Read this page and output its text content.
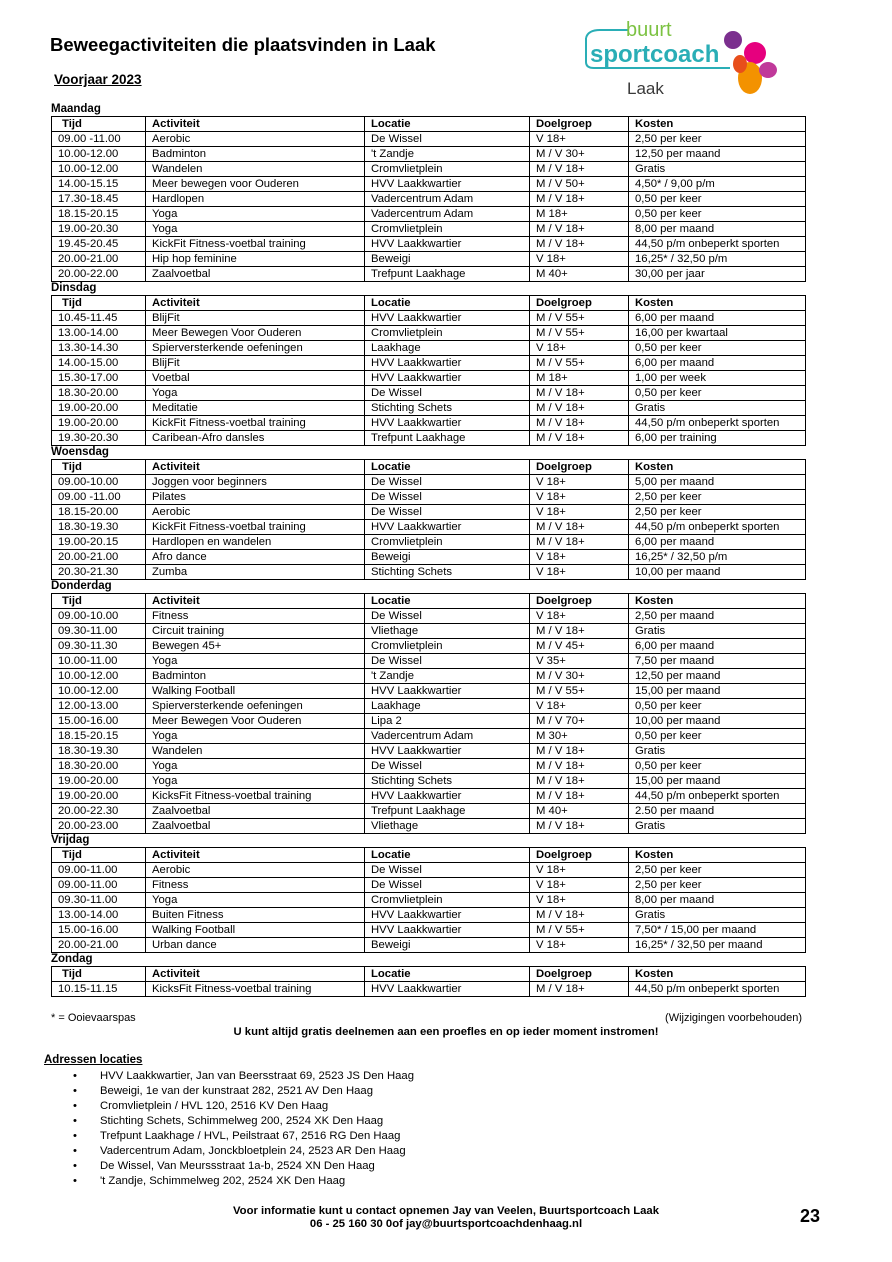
Beweegactiviteiten die plaatsvinden in Laak
Voorjaar 2023
buurt
sportcoach
Laak
Maandag
Tijd	Activiteit	Locatie	Doelgroep	Kosten
09.00 -11.00	Aerobic	De Wissel	V 18+	2,50 per keer
10.00-12.00	Badminton	't Zandje	M / V 30+	12,50 per maand
10.00-12.00	Wandelen	Cromvlietplein	M / V 18+	Gratis
14.00-15.15	Meer bewegen voor Ouderen	HVV Laakkwartier	M / V 50+	4,50* / 9,00 p/m
17.30-18.45	Hardlopen	Vadercentrum Adam	M / V 18+	0,50 per keer
18.15-20.15	Yoga	Vadercentrum Adam	M 18+	0,50 per keer
19.00-20.30	Yoga	Cromvlietplein	M / V 18+	8,00 per maand
19.45-20.45	KickFit Fitness-voetbal training	HVV Laakkwartier	M / V 18+	44,50 p/m onbeperkt sporten
20.00-21.00	Hip hop feminine	Beweigi	V 18+	16,25* / 32,50 p/m
20.00-22.00	Zaalvoetbal	Trefpunt Laakhage	M 40+	30,00 per jaar
Dinsdag
Tijd	Activiteit	Locatie	Doelgroep	Kosten
10.45-11.45	BlijFit	HVV Laakkwartier	M / V 55+	6,00 per maand
13.00-14.00	Meer Bewegen Voor Ouderen	Cromvlietplein	M / V 55+	16,00 per kwartaal
13.30-14.30	Spierversterkende oefeningen	Laakhage	V 18+	0,50 per keer
14.00-15.00	BlijFit	HVV Laakkwartier	M / V 55+	6,00 per maand
15.30-17.00	Voetbal	HVV Laakkwartier	M 18+	1,00 per week
18.30-20.00	Yoga	De Wissel	M / V 18+	0,50 per keer
19.00-20.00	Meditatie	Stichting Schets	M / V 18+	Gratis
19.00-20.00	KickFit Fitness-voetbal training	HVV Laakkwartier	M / V 18+	44,50 p/m onbeperkt sporten
19.30-20.30	Caribean-Afro dansles	Trefpunt Laakhage	M / V 18+	6,00 per training
Woensdag
Tijd	Activiteit	Locatie	Doelgroep	Kosten
09.00-10.00	Joggen voor beginners	De Wissel	V 18+	5,00 per maand
09.00 -11.00	Pilates	De Wissel	V 18+	2,50 per keer
18.15-20.00	Aerobic	De Wissel	V 18+	2,50 per keer
18.30-19.30	KickFit Fitness-voetbal training	HVV Laakkwartier	M / V 18+	44,50 p/m onbeperkt sporten
19.00-20.15	Hardlopen en wandelen	Cromvlietplein	M / V 18+	6,00 per maand
20.00-21.00	Afro dance	Beweigi	V 18+	16,25* / 32,50 p/m
20.30-21.30	Zumba	Stichting Schets	V 18+	10,00 per maand
Donderdag
Tijd	Activiteit	Locatie	Doelgroep	Kosten
09.00-10.00	Fitness	De Wissel	V 18+	2,50 per maand
09.30-11.00	Circuit training	Vliethage	M / V 18+	Gratis
09.30-11.30	Bewegen 45+	Cromvlietplein	M / V 45+	6,00 per maand
10.00-11.00	Yoga	De Wissel	V 35+	7,50 per maand
10.00-12.00	Badminton	't Zandje	M / V 30+	12,50 per maand
10.00-12.00	Walking Football	HVV Laakkwartier	M / V 55+	15,00 per maand
12.00-13.00	Spierversterkende oefeningen	Laakhage	V 18+	0,50 per keer
15.00-16.00	Meer Bewegen Voor Ouderen	Lipa 2	M / V 70+	10,00 per maand
18.15-20.15	Yoga	Vadercentrum Adam	M 30+	0,50 per keer
18.30-19.30	Wandelen	HVV Laakkwartier	M / V 18+	Gratis
18.30-20.00	Yoga	De Wissel	M / V 18+	0,50 per keer
19.00-20.00	Yoga	Stichting Schets	M / V 18+	15,00 per maand
19.00-20.00	KicksFit Fitness-voetbal training	HVV Laakkwartier	M / V 18+	44,50 p/m onbeperkt sporten
20.00-22.30	Zaalvoetbal	Trefpunt Laakhage	M 40+	2.50 per maand
20.00-23.00	Zaalvoetbal	Vliethage	M / V 18+	Gratis
Vrijdag
Tijd	Activiteit	Locatie	Doelgroep	Kosten
09.00-11.00	Aerobic	De Wissel	V 18+	2,50 per keer
09.00-11.00	Fitness	De Wissel	V 18+	2,50 per keer
09.30-11.00	Yoga	Cromvlietplein	V 18+	8,00 per maand
13.00-14.00	Buiten Fitness	HVV Laakkwartier	M / V 18+	Gratis
15.00-16.00	Walking Football	HVV Laakkwartier	M / V 55+	7,50* / 15,00 per maand
20.00-21.00	Urban dance	Beweigi	V 18+	16,25* / 32,50 per maand
Zondag
Tijd	Activiteit	Locatie	Doelgroep	Kosten
10.15-11.15	KicksFit Fitness-voetbal training	HVV Laakkwartier	M / V 18+	44,50 p/m onbeperkt sporten
* = Ooievaarspas	(Wijzigingen voorbehouden)
U kunt altijd gratis deelnemen aan een proefles en op ieder moment instromen!
Adressen locaties
• HVV Laakkwartier, Jan van Beersstraat 69, 2523 JS Den Haag
• Beweigi, 1e van der kunstraat 282, 2521 AV Den Haag
• Cromvlietplein / HVL 120, 2516 KV Den Haag
• Stichting Schets, Schimmelweg 200, 2524 XK Den Haag
• Trefpunt Laakhage / HVL, Peilstraat 67, 2516 RG Den Haag
• Vadercentrum Adam, Jonckbloetplein 24, 2523 AR Den Haag
• De Wissel, Van Meurssstraat 1a-b, 2524 XN Den Haag
• 't Zandje, Schimmelweg 202, 2524 XK Den Haag
Voor informatie kunt u contact opnemen Jay van Veelen, Buurtsportcoach Laak
06 - 25 160 30 0of jay@buurtsportcoachdenhaag.nl	23
